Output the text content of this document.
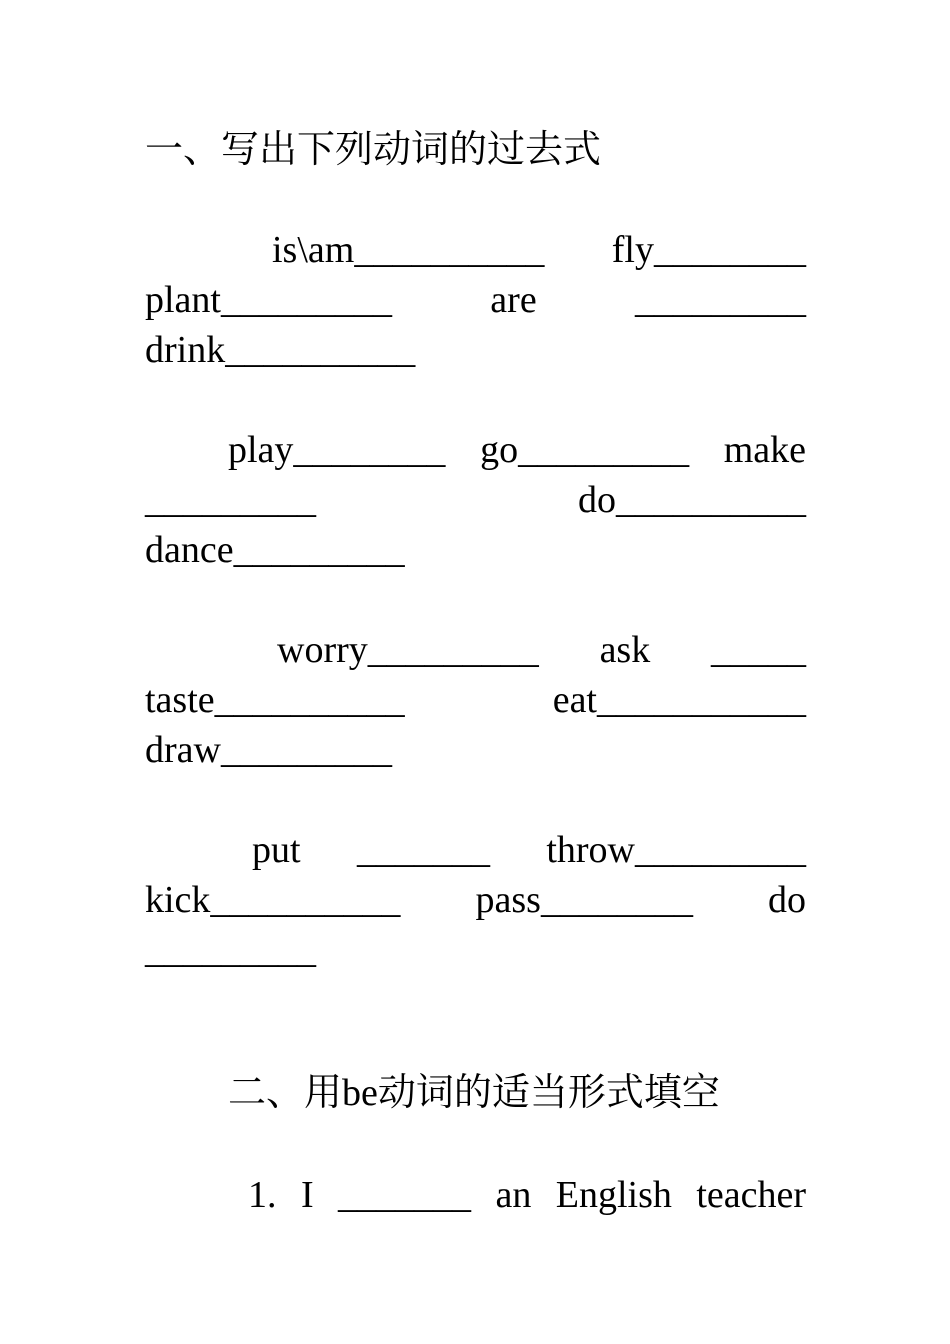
一、写出下列动词的过去式
is\am__________ fly________
plant_________	are	_________
drink__________
play________ go_________ make
_________	do__________
dance_________
worry_________ ask _____
taste__________	eat___________
draw_________
put _______ throw_________
kick__________ pass________ do
_________
二、用be动词的适当形式填空
1. I _______ an English teacher
